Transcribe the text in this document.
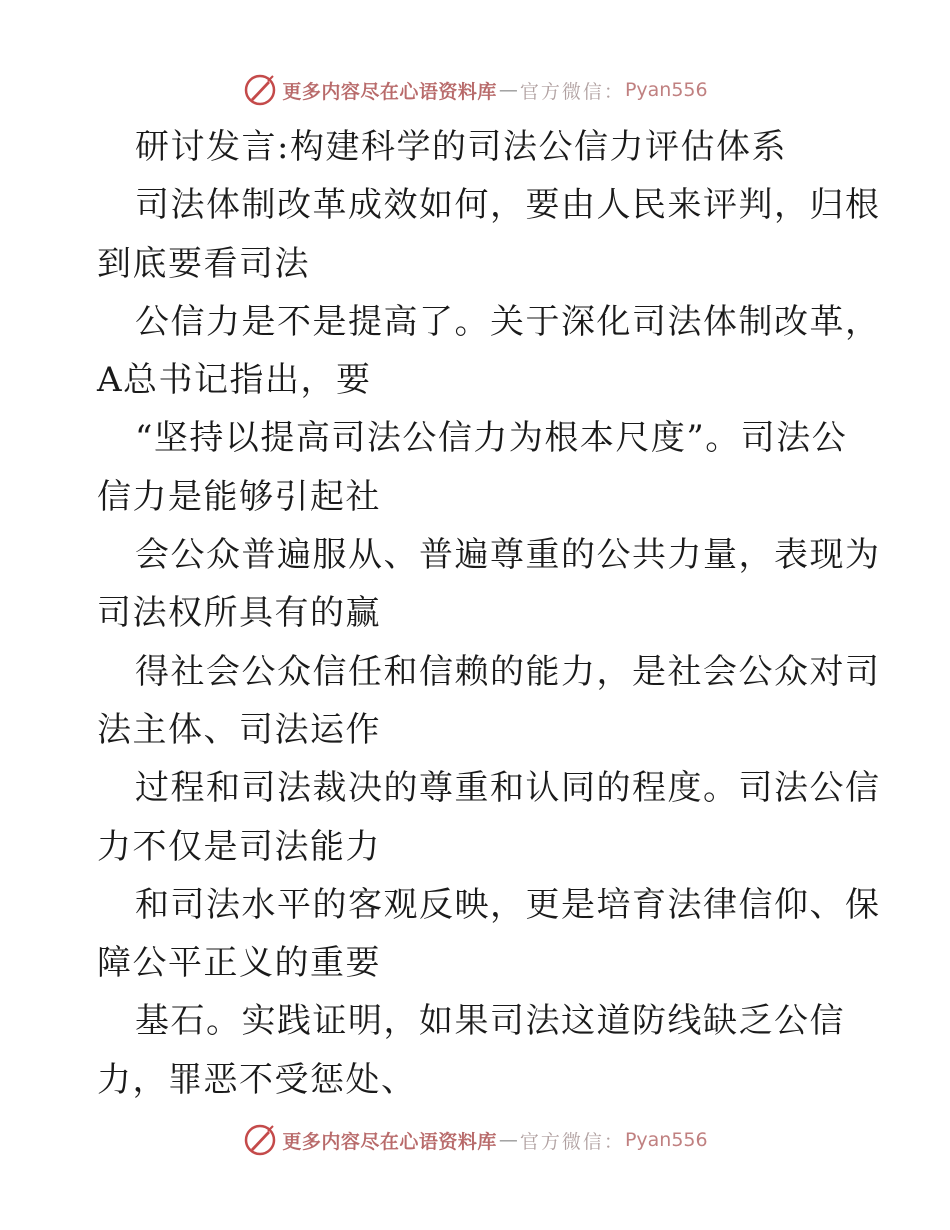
更多内容尽在心语资料库 — 官方微信： Pyan556
研讨发言:构建科学的司法公信力评估体系
司法体制改革成效如何，要由人民来评判，归根
到底要看司法
公信力是不是提高了。关于深化司法体制改革，
A总书记指出，要
“坚持以提高司法公信力为根本尺度”。司法公
信力是能够引起社
会公众普遍服从、普遍尊重的公共力量，表现为
司法权所具有的赢
得社会公众信任和信赖的能力，是社会公众对司
法主体、司法运作
过程和司法裁决的尊重和认同的程度。司法公信
力不仅是司法能力
和司法水平的客观反映，更是培育法律信仰、保
障公平正义的重要
基石。实践证明，如果司法这道防线缺乏公信
力，罪恶不受惩处、
更多内容尽在心语资料库 — 官方微信： Pyan556
